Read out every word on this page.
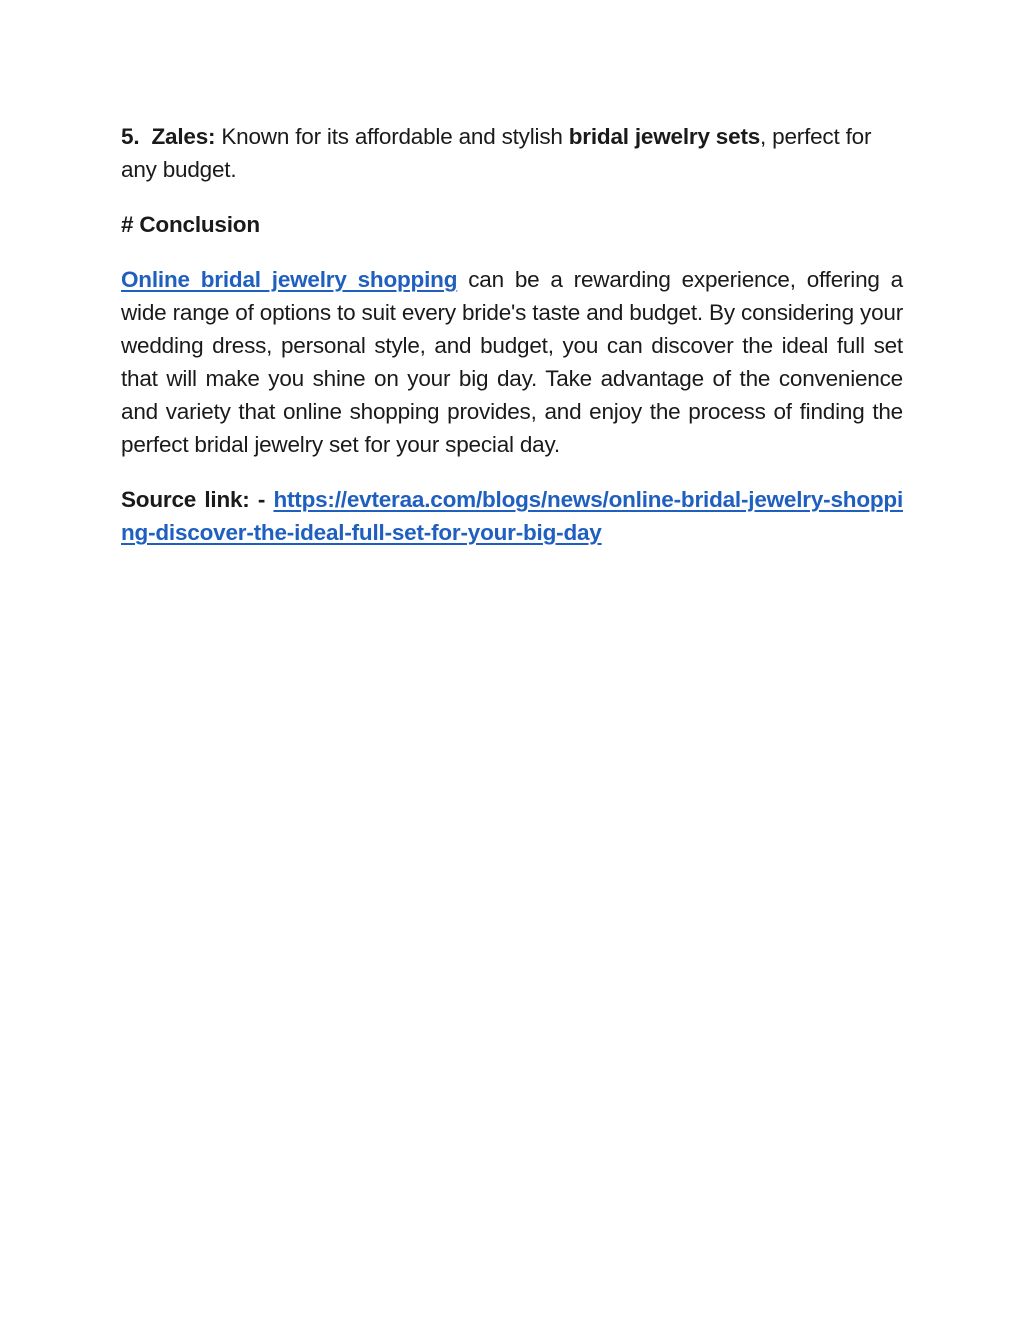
5. Zales: Known for its affordable and stylish bridal jewelry sets, perfect for any budget.

# Conclusion

Online bridal jewelry shopping can be a rewarding experience, offering a wide range of options to suit every bride's taste and budget. By considering your wedding dress, personal style, and budget, you can discover the ideal full set that will make you shine on your big day. Take advantage of the convenience and variety that online shopping provides, and enjoy the process of finding the perfect bridal jewelry set for your special day.

Source link: - https://evteraa.com/blogs/news/online-bridal-jewelry-shopping-discover-the-ideal-full-set-for-your-big-day
